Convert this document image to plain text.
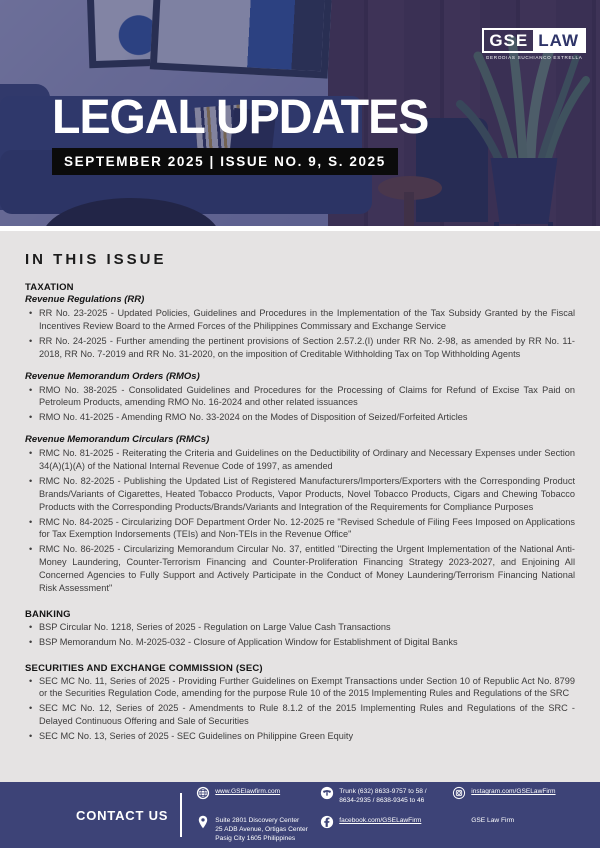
GSE LAW
GERODIAS SUCHIANCO ESTRELLA
LEGAL UPDATES
SEPTEMBER 2025 | ISSUE NO. 9, S. 2025
IN THIS ISSUE
TAXATION
Revenue Regulations (RR)
• RR No. 23-2025 - Updated Policies, Guidelines and Procedures in the Implementation of the Tax Subsidy Granted by the Fiscal Incentives Review Board to the Armed Forces of the Philippines Commissary and Exchange Service
• RR No. 24-2025 - Further amending the pertinent provisions of Section 2.57.2.(I) under RR No. 2-98, as amended by RR No. 11-2018, RR No. 7-2019 and RR No. 31-2020, on the imposition of Creditable Withholding Tax on Top Withholding Agents
Revenue Memorandum Orders (RMOs)
• RMO No. 38-2025 - Consolidated Guidelines and Procedures for the Processing of Claims for Refund of Excise Tax Paid on Petroleum Products, amending RMO No. 16-2024 and other related issuances
• RMO No. 41-2025 - Amending RMO No. 33-2024 on the Modes of Disposition of Seized/Forfeited Articles
Revenue Memorandum Circulars (RMCs)
• RMC No. 81-2025 - Reiterating the Criteria and Guidelines on the Deductibility of Ordinary and Necessary Expenses under Section 34(A)(1)(A) of the National Internal Revenue Code of 1997, as amended
• RMC No. 82-2025 - Publishing the Updated List of Registered Manufacturers/Importers/Exporters with the Corresponding Product Brands/Variants of Cigarettes, Heated Tobacco Products, Vapor Products, Novel Tobacco Products, Cigars and Chewing Tobacco Products with the Corresponding Products/Brands/Variants and Integration of the Requirements for Compliance Purposes
• RMC No. 84-2025 - Circularizing DOF Department Order No. 12-2025 re "Revised Schedule of Filing Fees Imposed on Applications for Tax Exemption Indorsements (TEIs) and Non-TEIs in the Revenue Office"
• RMC No. 86-2025 - Circularizing Memorandum Circular No. 37, entitled "Directing the Urgent Implementation of the National Anti-Money Laundering, Counter-Terrorism Financing and Counter-Proliferation Financing Strategy 2023-2027, and Enjoining All Concerned Agencies to Fully Support and Actively Participate in the Conduct of Money Laundering/Terrorism Financing National Risk Assessment"
BANKING
• BSP Circular No. 1218, Series of 2025 - Regulation on Large Value Cash Transactions
• BSP Memorandum No. M-2025-032 - Closure of Application Window for Establishment of Digital Banks
SECURITIES AND EXCHANGE COMMISSION (SEC)
• SEC MC No. 11, Series of 2025 - Providing Further Guidelines on Exempt Transactions under Section 10 of Republic Act No. 8799 or the Securities Regulation Code, amending for the purpose Rule 10 of the 2015 Implementing Rules and Regulations of the SRC
• SEC MC No. 12, Series of 2025 - Amendments to Rule 8.1.2 of the 2015 Implementing Rules and Regulations of the SRC - Delayed Continuous Offering and Sale of Securities
• SEC MC No. 13, Series of 2025 - SEC Guidelines on Philippine Green Equity
CONTACT US
www.GSElawfirm.com	Trunk (632) 8633-9757 to 58 /
8634-2935 / 8638-9345 to 46
instagram.com/GSELawFirm
Suite 2801 Discovery Center
25 ADB Avenue, Ortigas Center
Pasig City 1605 Philippines
facebook.com/GSELawFirm	GSE Law Firm
